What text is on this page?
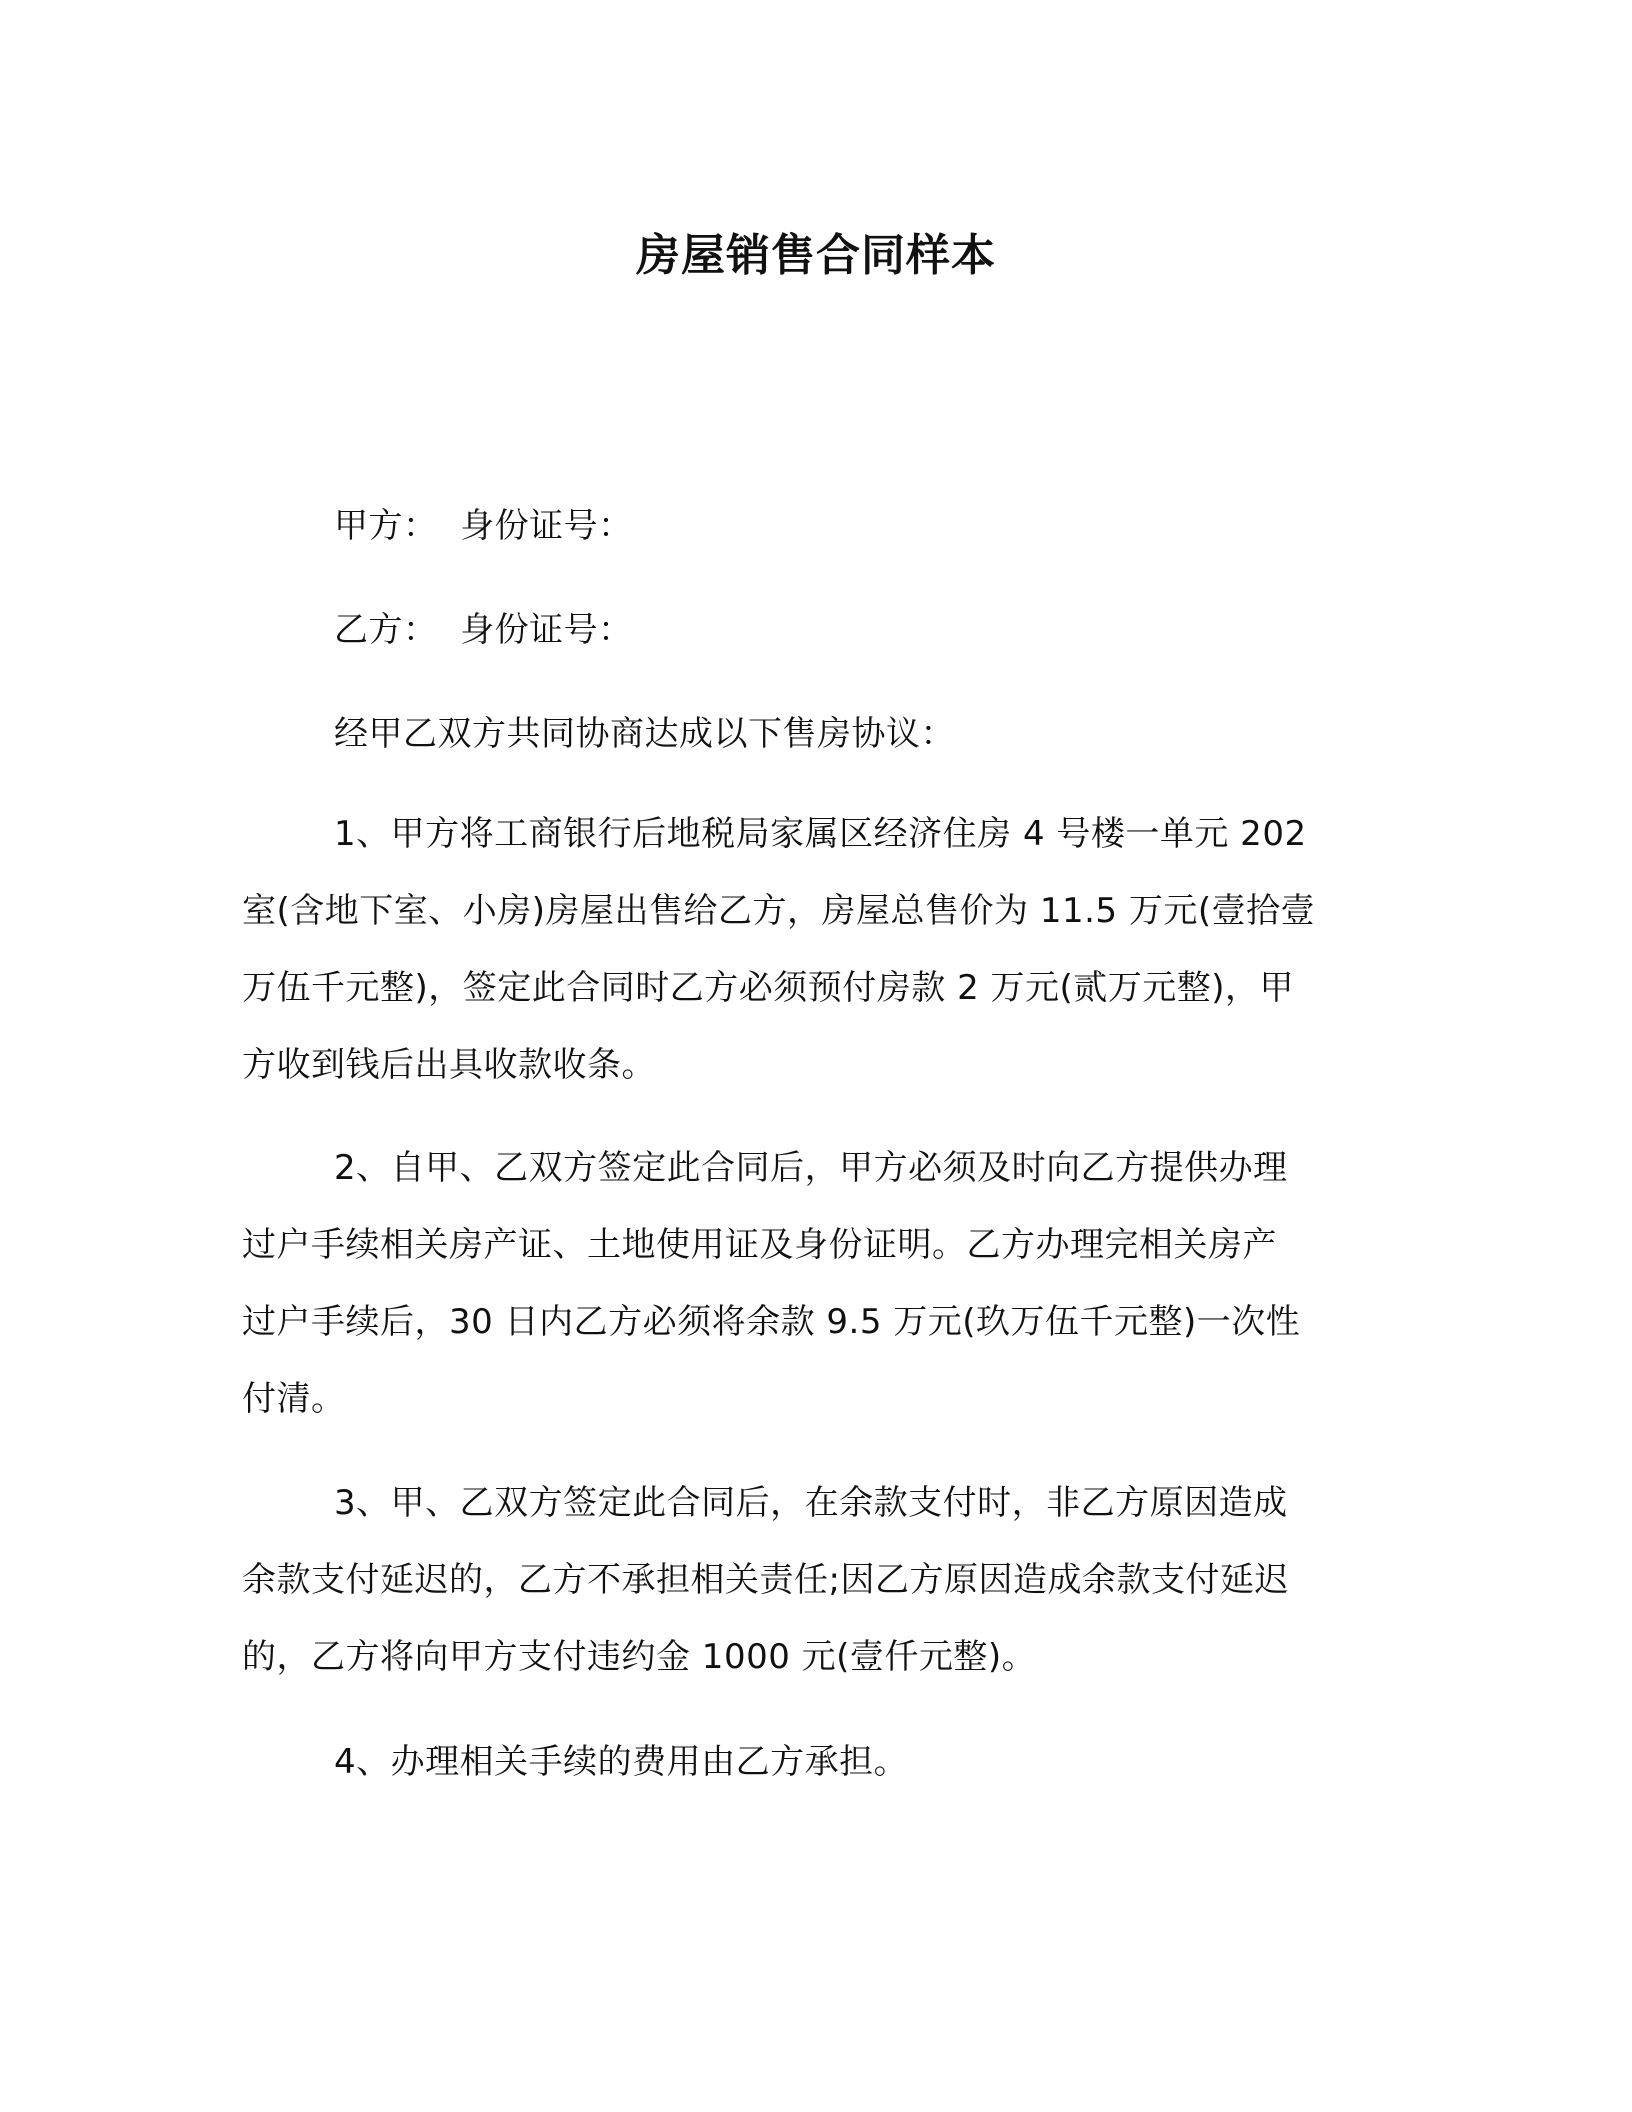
房屋销售合同样本
甲方：  身份证号：
乙方：  身份证号：
经甲乙双方共同协商达成以下售房协议：
1、甲方将工商银行后地税局家属区经济住房 4 号楼一单元 202
室(含地下室、小房)房屋出售给乙方，房屋总售价为 11.5 万元(壹拾壹
万伍千元整)，签定此合同时乙方必须预付房款 2 万元(贰万元整)，甲
方收到钱后出具收款收条。
2、自甲、乙双方签定此合同后，甲方必须及时向乙方提供办理
过户手续相关房产证、土地使用证及身份证明。乙方办理完相关房产
过户手续后，30 日内乙方必须将余款 9.5 万元(玖万伍千元整)一次性
付清。
3、甲、乙双方签定此合同后，在余款支付时，非乙方原因造成
余款支付延迟的，乙方不承担相关责任;因乙方原因造成余款支付延迟
的，乙方将向甲方支付违约金 1000 元(壹仟元整)。
4、办理相关手续的费用由乙方承担。
